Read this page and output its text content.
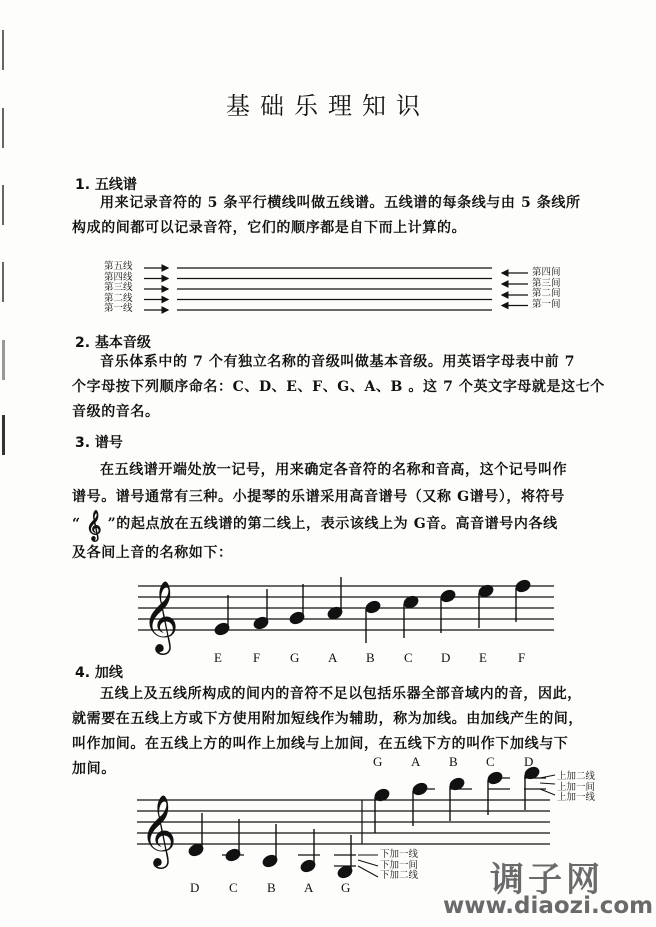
基础乐理知识
1. 五线谱
用来记录音符的 5 条平行横线叫做五线谱。五线谱的每条线与由 5 条线所
构成的间都可以记录音符，它们的顺序都是自下而上计算的。
第五线
第四线
第三线
第二线
第一线
第四间
第三间
第二间
第一间
2. 基本音级
音乐体系中的 7 个有独立名称的音级叫做基本音级。用英语字母表中前 7
个字母按下列顺序命名：C、D、E、F、G、A、B 。这 7 个英文字母就是这七个
音级的音名。
3. 谱号
在五线谱开端处放一记号，用来确定各音符的名称和音高，这个记号叫作
谱号。谱号通常有三种。小提琴的乐谱采用高音谱号（又称 G谱号），将符号
“ 𝄞 ”的起点放在五线谱的第二线上，表示该线上为 G音。高音谱号内各线
及各间上音的名称如下：
𝄞
E F G A B C D E F
4. 加线
五线上及五线所构成的间内的音符不足以包括乐器全部音域内的音，因此，
就需要在五线上方或下方使用附加短线作为辅助，称为加线。由加线产生的间，
叫作加间。在五线上方的叫作上加线与上加间，在五线下方的叫作下加线与下
加间。	G A B C D
𝄞
上加二线
上加一间
上加一线
下加一线
下加一间
下加二线
D C B A G	调子网
www.diaozi.com
